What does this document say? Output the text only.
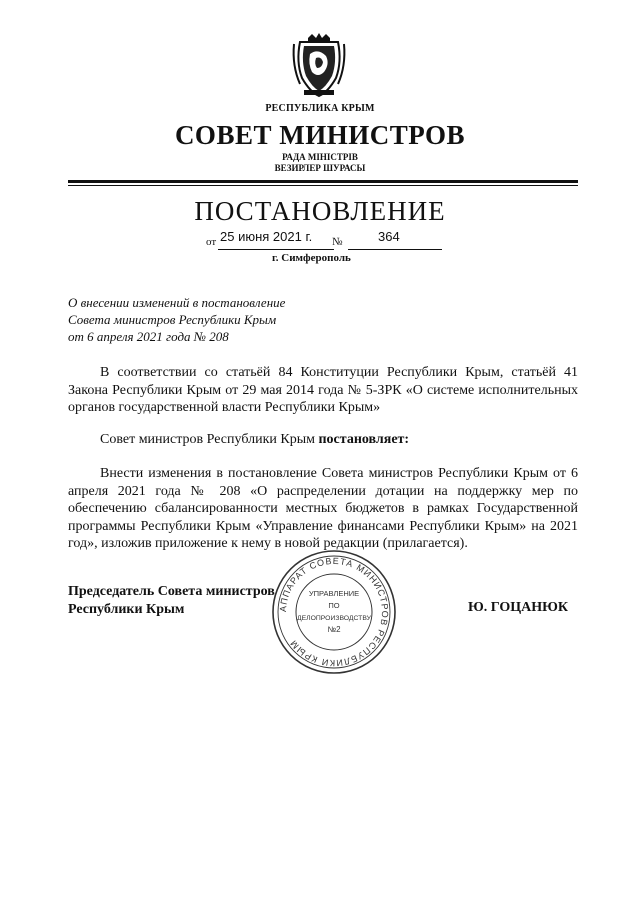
РЕСПУБЛИКА КРЫМ
СОВЕТ МИНИСТРОВ
РАДА МІНІСТРІВ
ВЕЗИРЛЕР ШУРАСЫ
ПОСТАНОВЛЕНИЕ
от 25 июня 2021 г. №	364
г. Симферополь
О внесении изменений в постановление
Совета министров Республики Крым
от 6 апреля 2021 года № 208

В соответствии со статьёй 84 Конституции Республики Крым, статьёй 41 Закона Республики Крым от 29 мая 2014 года № 5-ЗРК «О системе исполнительных органов государственной власти Республики Крым»

Совет министров Республики Крым постановляет:

Внести изменения в постановление Совета министров Республики Крым от 6 апреля 2021 года № 208 «О распределении дотации на поддержку мер по обеспечению сбалансированности местных бюджетов в рамках Государственной программы Республики Крым «Управление финансами Республики Крым» на 2021 год», изложив приложение к нему в новой редакции (прилагается).

Председатель Совета министров
Республики Крым	Ю. ГОЦАНЮК
АППАРАТ СОВЕТА МИНИСТРОВ РЕСПУБЛИКИ КРЫМ
УПРАВЛЕНИЕ
ПО
ДЕЛОПРОИЗВОДСТВУ
№2
